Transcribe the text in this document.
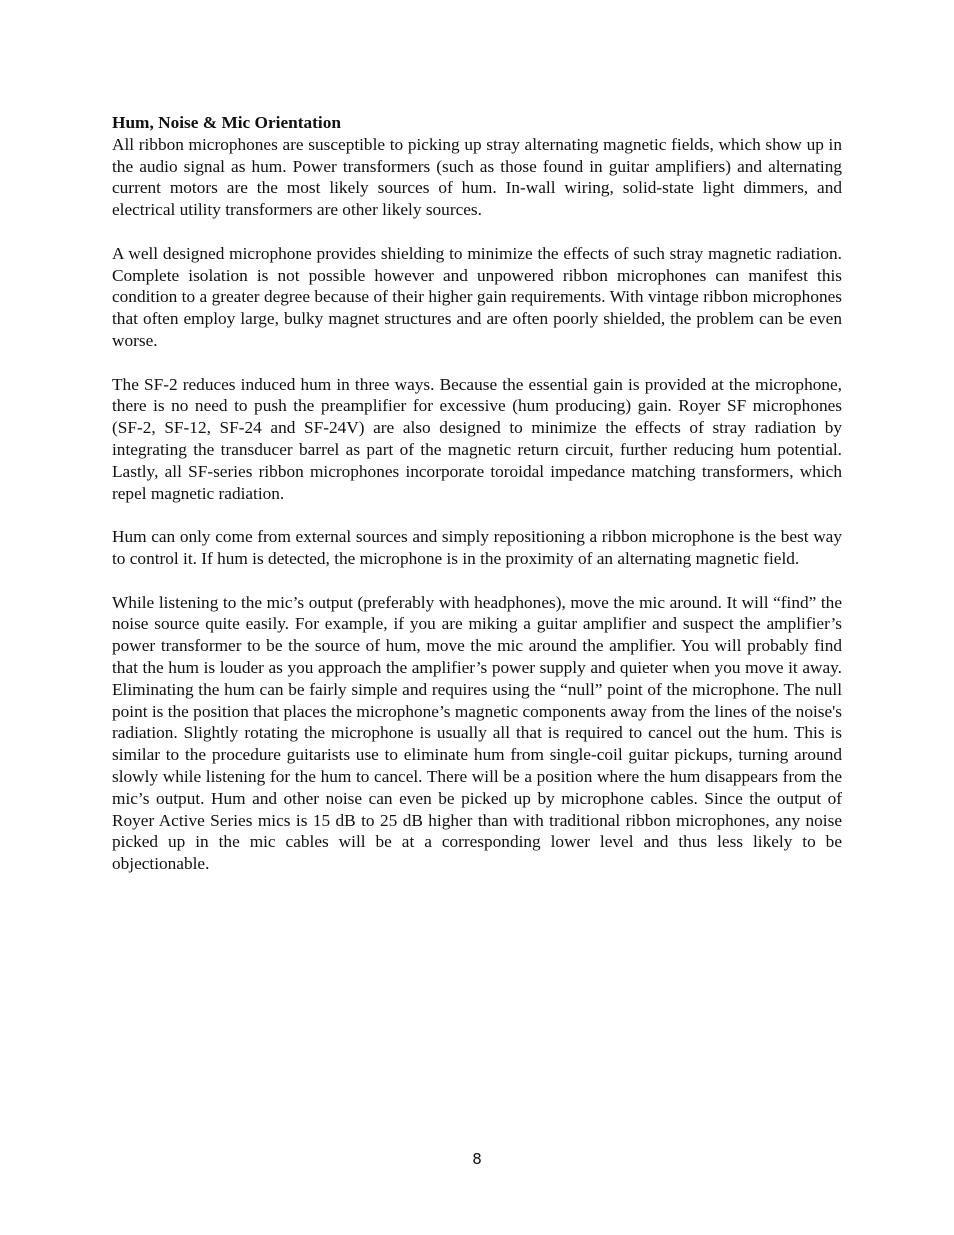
Hum, Noise & Mic Orientation

All ribbon microphones are susceptible to picking up stray alternating magnetic fields, which show up in the audio signal as hum. Power transformers (such as those found in guitar amplifiers) and alternating current motors are the most likely sources of hum. In-wall wiring, solid-state light dimmers, and electrical utility transformers are other likely sources.

A well designed microphone provides shielding to minimize the effects of such stray magnetic radiation. Complete isolation is not possible however and unpowered ribbon microphones can manifest this condition to a greater degree because of their higher gain requirements. With vintage ribbon microphones that often employ large, bulky magnet structures and are often poorly shielded, the problem can be even worse.

The SF-2 reduces induced hum in three ways. Because the essential gain is provided at the microphone, there is no need to push the preamplifier for excessive (hum producing) gain. Royer SF microphones (SF-2, SF-12, SF-24 and SF-24V) are also designed to minimize the effects of stray radiation by integrating the transducer barrel as part of the magnetic return circuit, further reducing hum potential. Lastly, all SF-series ribbon microphones incorporate toroidal impedance matching transformers, which repel magnetic radiation.

Hum can only come from external sources and simply repositioning a ribbon microphone is the best way to control it. If hum is detected, the microphone is in the proximity of an alternating magnetic field.

While listening to the mic’s output (preferably with headphones), move the mic around. It will “find” the noise source quite easily. For example, if you are miking a guitar amplifier and suspect the amplifier’s power transformer to be the source of hum, move the mic around the amplifier. You will probably find that the hum is louder as you approach the amplifier’s power supply and quieter when you move it away. Eliminating the hum can be fairly simple and requires using the “null” point of the microphone. The null point is the position that places the microphone’s magnetic components away from the lines of the noise's radiation. Slightly rotating the microphone is usually all that is required to cancel out the hum. This is similar to the procedure guitarists use to eliminate hum from single-coil guitar pickups, turning around slowly while listening for the hum to cancel. There will be a position where the hum disappears from the mic’s output. Hum and other noise can even be picked up by microphone cables. Since the output of Royer Active Series mics is 15 dB to 25 dB higher than with traditional ribbon microphones, any noise picked up in the mic cables will be at a corresponding lower level and thus less likely to be objectionable.

8
